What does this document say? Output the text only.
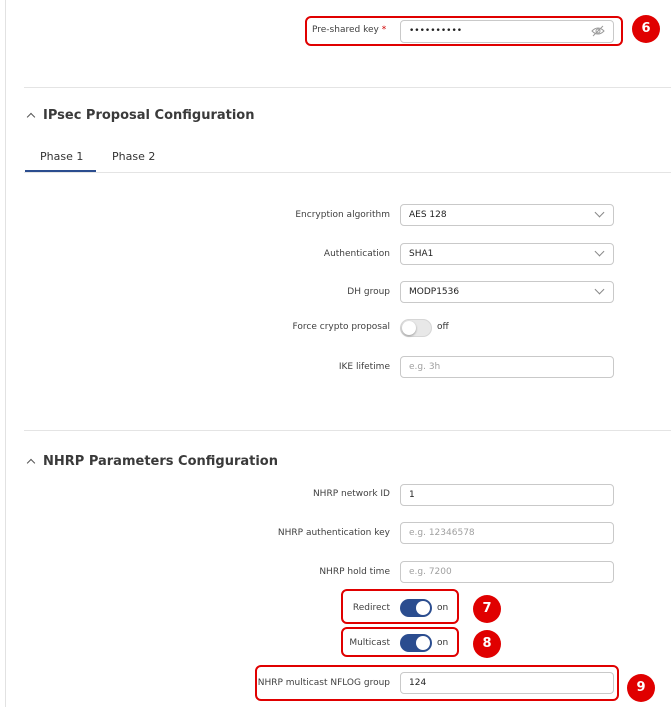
Pre-shared key *	••••••••••	6
IPsec Proposal Configuration
Phase 1	Phase 2
Encryption algorithm	AES 128
Authentication	SHA1
DH group	MODP1536
Force crypto proposal	off
IKE lifetime	e.g. 3h
NHRP Parameters Configuration
NHRP network ID	1
NHRP authentication key	e.g. 12346578
NHRP hold time	e.g. 7200
Redirect	on	7
Multicast	on	8
NHRP multicast NFLOG group	124	9
